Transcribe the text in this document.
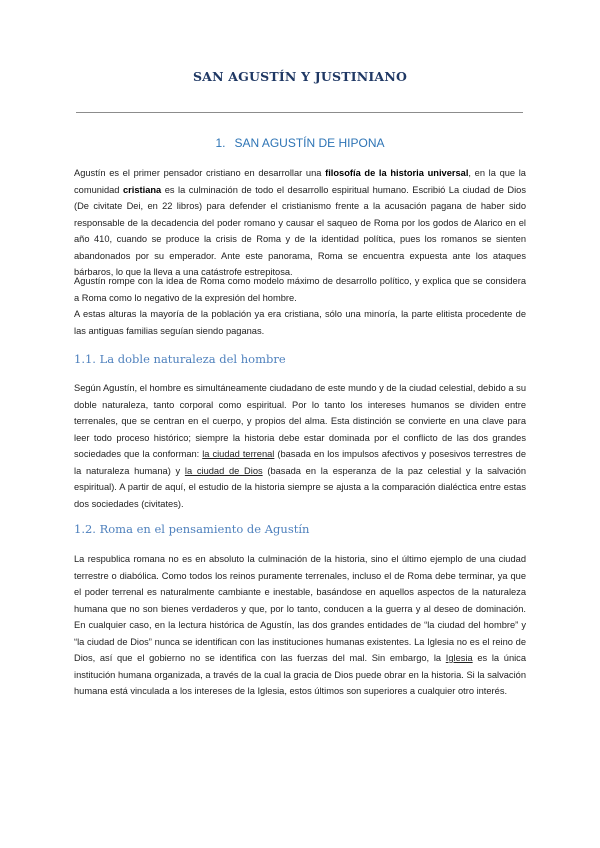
SAN AGUSTÍN Y JUSTINIANO
1. SAN AGUSTÍN DE HIPONA

Agustín es el primer pensador cristiano en desarrollar una filosofía de la historia universal, en la que la comunidad cristiana es la culminación de todo el desarrollo espiritual humano. Escribió La ciudad de Dios (De civitate Dei, en 22 libros) para defender el cristianismo frente a la acusación pagana de haber sido responsable de la decadencia del poder romano y causar el saqueo de Roma por los godos de Alarico en el año 410, cuando se produce la crisis de Roma y de la identidad política, pues los romanos se sienten abandonados por su emperador. Ante este panorama, Roma se encuentra expuesta ante los ataques bárbaros, lo que la lleva a una catástrofe estrepitosa.

Agustín rompe con la idea de Roma como modelo máximo de desarrollo político, y explica que se considera a Roma como lo negativo de la expresión del hombre.

A estas alturas la mayoría de la población ya era cristiana, sólo una minoría, la parte elitista procedente de las antiguas familias seguían siendo paganas.

1.1. La doble naturaleza del hombre

Según Agustín, el hombre es simultáneamente ciudadano de este mundo y de la ciudad celestial, debido a su doble naturaleza, tanto corporal como espiritual. Por lo tanto los intereses humanos se dividen entre terrenales, que se centran en el cuerpo, y propios del alma. Esta distinción se convierte en una clave para leer todo proceso histórico; siempre la historia debe estar dominada por el conflicto de las dos grandes sociedades que la conforman: la ciudad terrenal (basada en los impulsos afectivos y posesivos terrestres de la naturaleza humana) y la ciudad de Dios (basada en la esperanza de la paz celestial y la salvación espiritual). A partir de aquí, el estudio de la historia siempre se ajusta a la comparación dialéctica entre estas dos sociedades (civitates).

1.2. Roma en el pensamiento de Agustín

La respublica romana no es en absoluto la culminación de la historia, sino el último ejemplo de una ciudad terrestre o diabólica. Como todos los reinos puramente terrenales, incluso el de Roma debe terminar, ya que el poder terrenal es naturalmente cambiante e inestable, basándose en aquellos aspectos de la naturaleza humana que no son bienes verdaderos y que, por lo tanto, conducen a la guerra y al deseo de dominación. En cualquier caso, en la lectura histórica de Agustín, las dos grandes entidades de “la ciudad del hombre” y “la ciudad de Dios” nunca se identifican con las instituciones humanas existentes. La Iglesia no es el reino de Dios, así que el gobierno no se identifica con las fuerzas del mal. Sin embargo, la Iglesia es la única institución humana organizada, a través de la cual la gracia de Dios puede obrar en la historia. Si la salvación humana está vinculada a los intereses de la Iglesia, estos últimos son superiores a cualquier otro interés.
